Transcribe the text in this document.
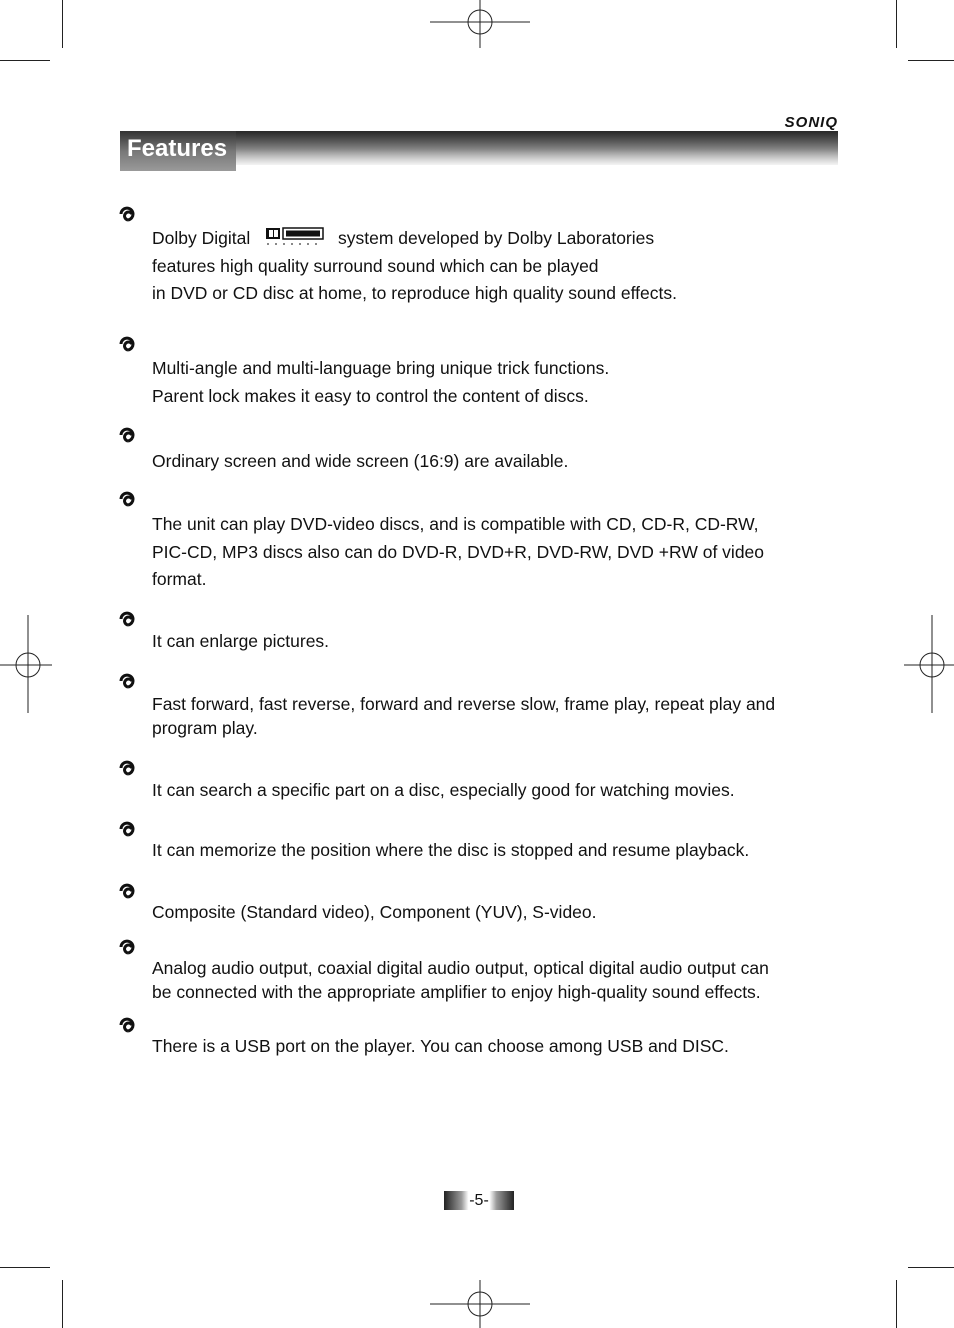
SONIQ
Features
Dolby Digital	system developed by Dolby Laboratories
features high quality surround sound which can be played
in DVD or CD disc at home, to reproduce high quality sound effects.
Multi-angle and multi-language bring unique trick functions.
Parent lock makes it easy to control the content of discs.
Ordinary screen and wide screen (16:9) are available.
The unit can play DVD-video discs, and is compatible with CD, CD-R, CD-RW,
PIC-CD, MP3 discs also can do DVD-R, DVD+R, DVD-RW, DVD +RW of video
format.
It can enlarge pictures.
Fast forward, fast reverse, forward and reverse slow, frame play, repeat play and
program play.
It can search a specific part on a disc, especially good for watching movies.
It can memorize the position where the disc is stopped and resume playback.
Composite (Standard video), Component (YUV), S-video.
Analog audio output, coaxial digital audio output, optical digital audio output can
be connected with the appropriate amplifier to enjoy high-quality sound effects.
There is a USB port on the player. You can choose among USB and DISC.
-5-
